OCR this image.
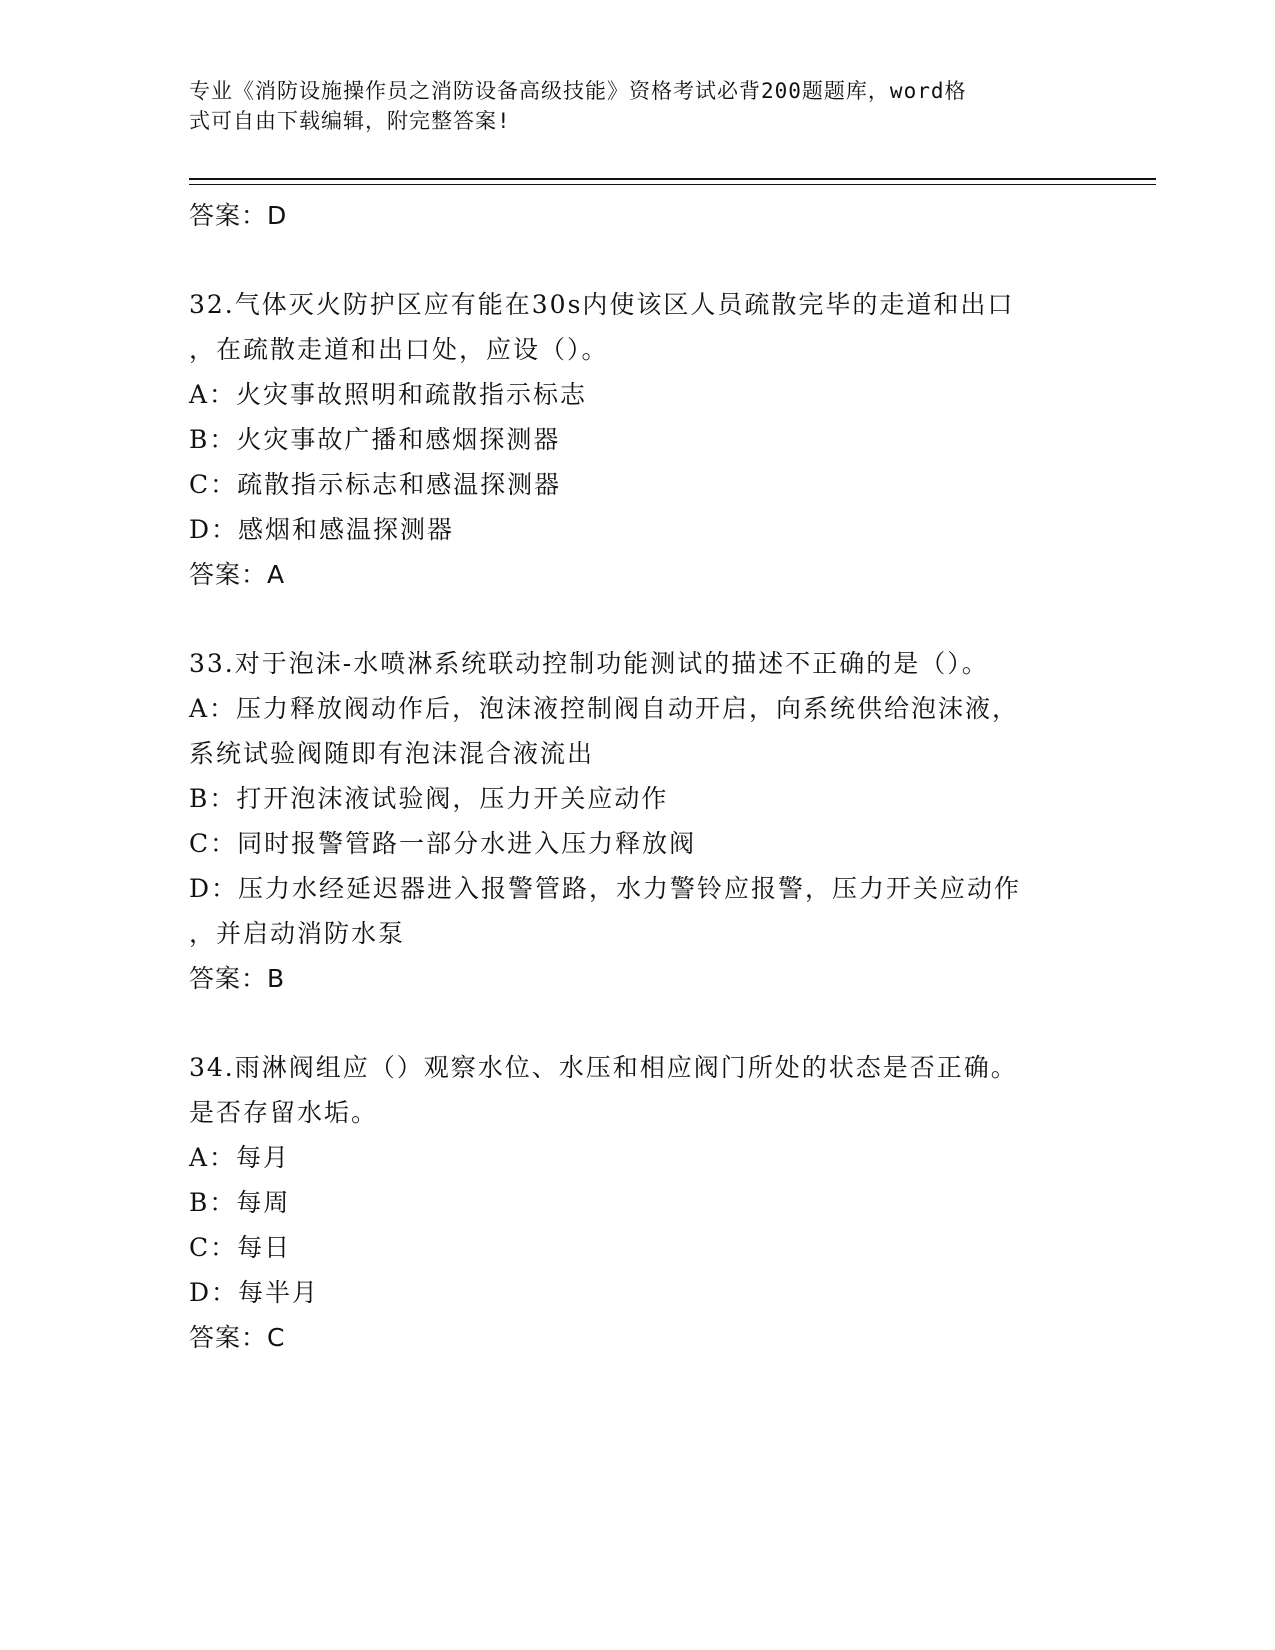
专业《消防设施操作员之消防设备高级技能》资格考试必背200题题库，word格
式可自由下载编辑，附完整答案!
答案：D
32.气体灭火防护区应有能在30s内使该区人员疏散完毕的走道和出口
，在疏散走道和出口处，应设（）。
A：火灾事故照明和疏散指示标志
B：火灾事故广播和感烟探测器
C：疏散指示标志和感温探测器
D：感烟和感温探测器
答案：A
33.对于泡沫-水喷淋系统联动控制功能测试的描述不正确的是（）。
A：压力释放阀动作后，泡沫液控制阀自动开启，向系统供给泡沫液，
系统试验阀随即有泡沫混合液流出
B：打开泡沫液试验阀，压力开关应动作
C：同时报警管路一部分水进入压力释放阀
D：压力水经延迟器进入报警管路，水力警铃应报警，压力开关应动作
，并启动消防水泵
答案：B
34.雨淋阀组应（）观察水位、水压和相应阀门所处的状态是否正确。
是否存留水垢。
A：每月
B：每周
C：每日
D：每半月
答案：C
